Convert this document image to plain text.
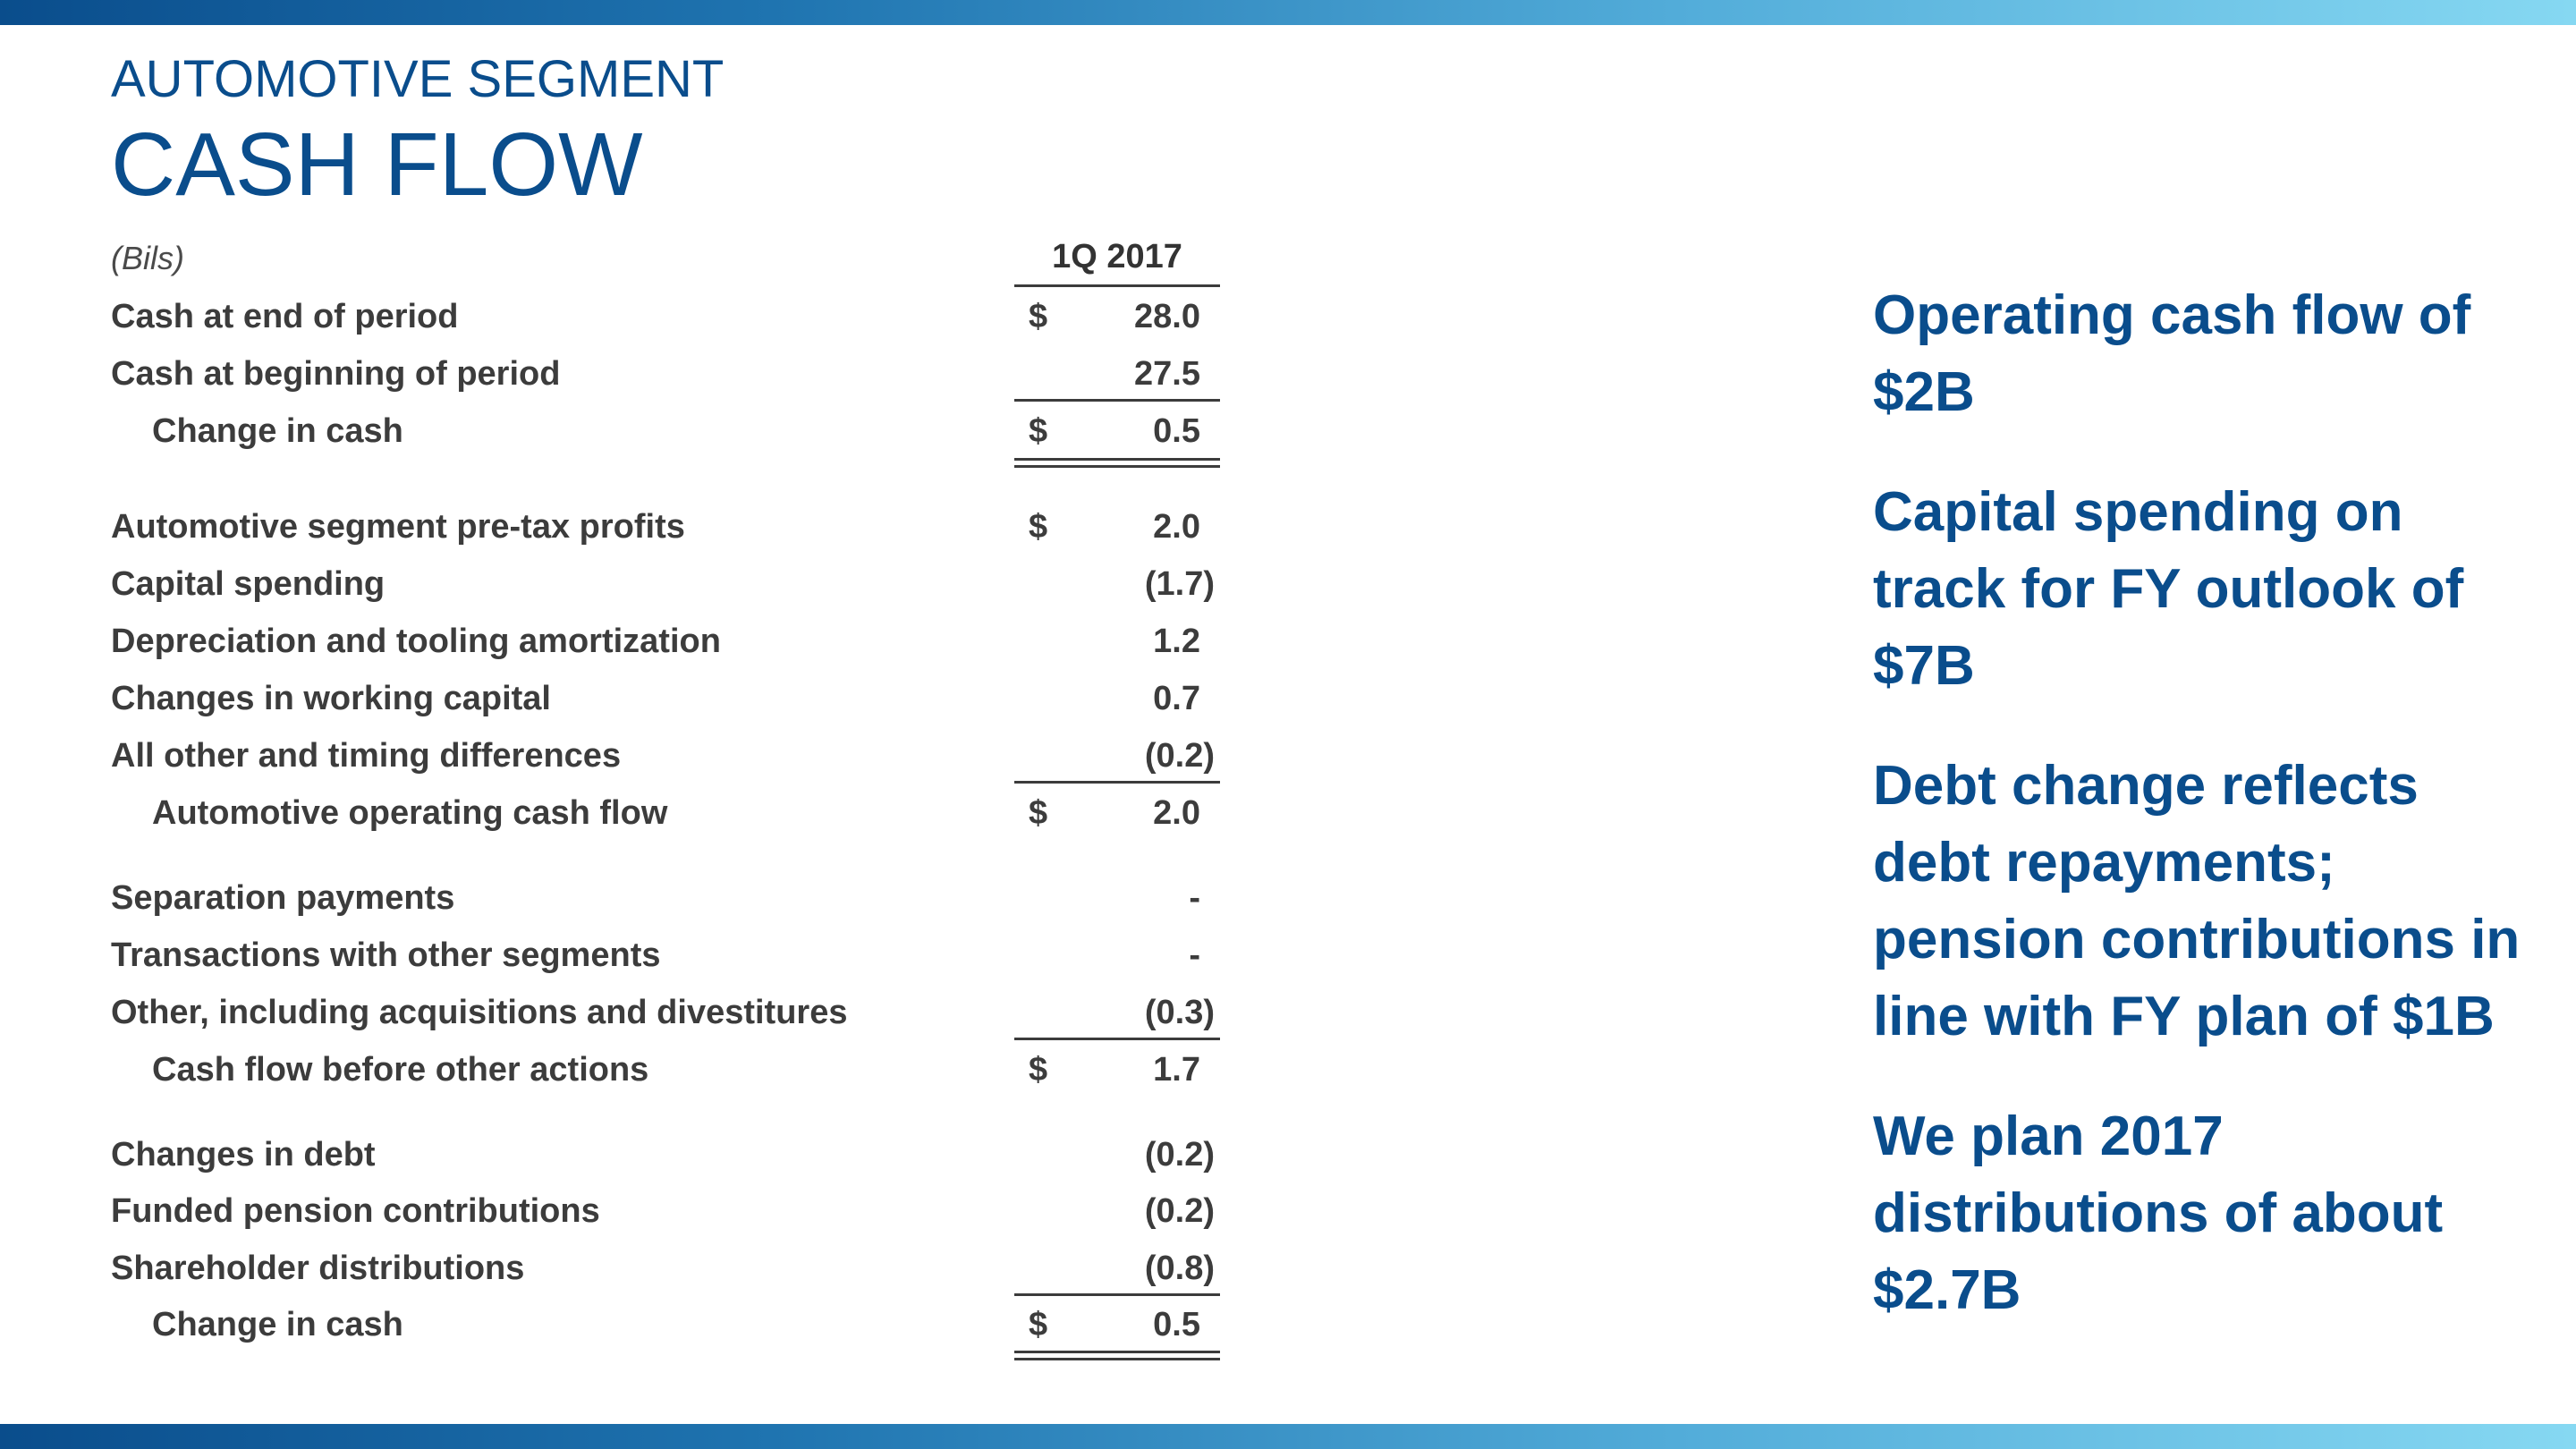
AUTOMOTIVE SEGMENT
CASH FLOW
(Bils)	1Q 2017
Cash at end of period	$	28.0
Cash at beginning of period	27.5
Change in cash	$	0.5
Automotive segment pre-tax profits	$	2.0
Capital spending	(1.7)
Depreciation and tooling amortization	1.2
Changes in working capital	0.7
All other and timing differences	(0.2)
Automotive operating cash flow	$	2.0
Separation payments	-
Transactions with other segments	-
Other, including acquisitions and divestitures	(0.3)
Cash flow before other actions	$	1.7
Changes in debt	(0.2)
Funded pension contributions	(0.2)
Shareholder distributions	(0.8)
Change in cash	$	0.5

Operating cash flow of $2B

Capital spending on track for FY outlook of $7B

Debt change reflects debt repayments; pension contributions in line with FY plan of $1B

We plan 2017 distributions of about $2.7B
